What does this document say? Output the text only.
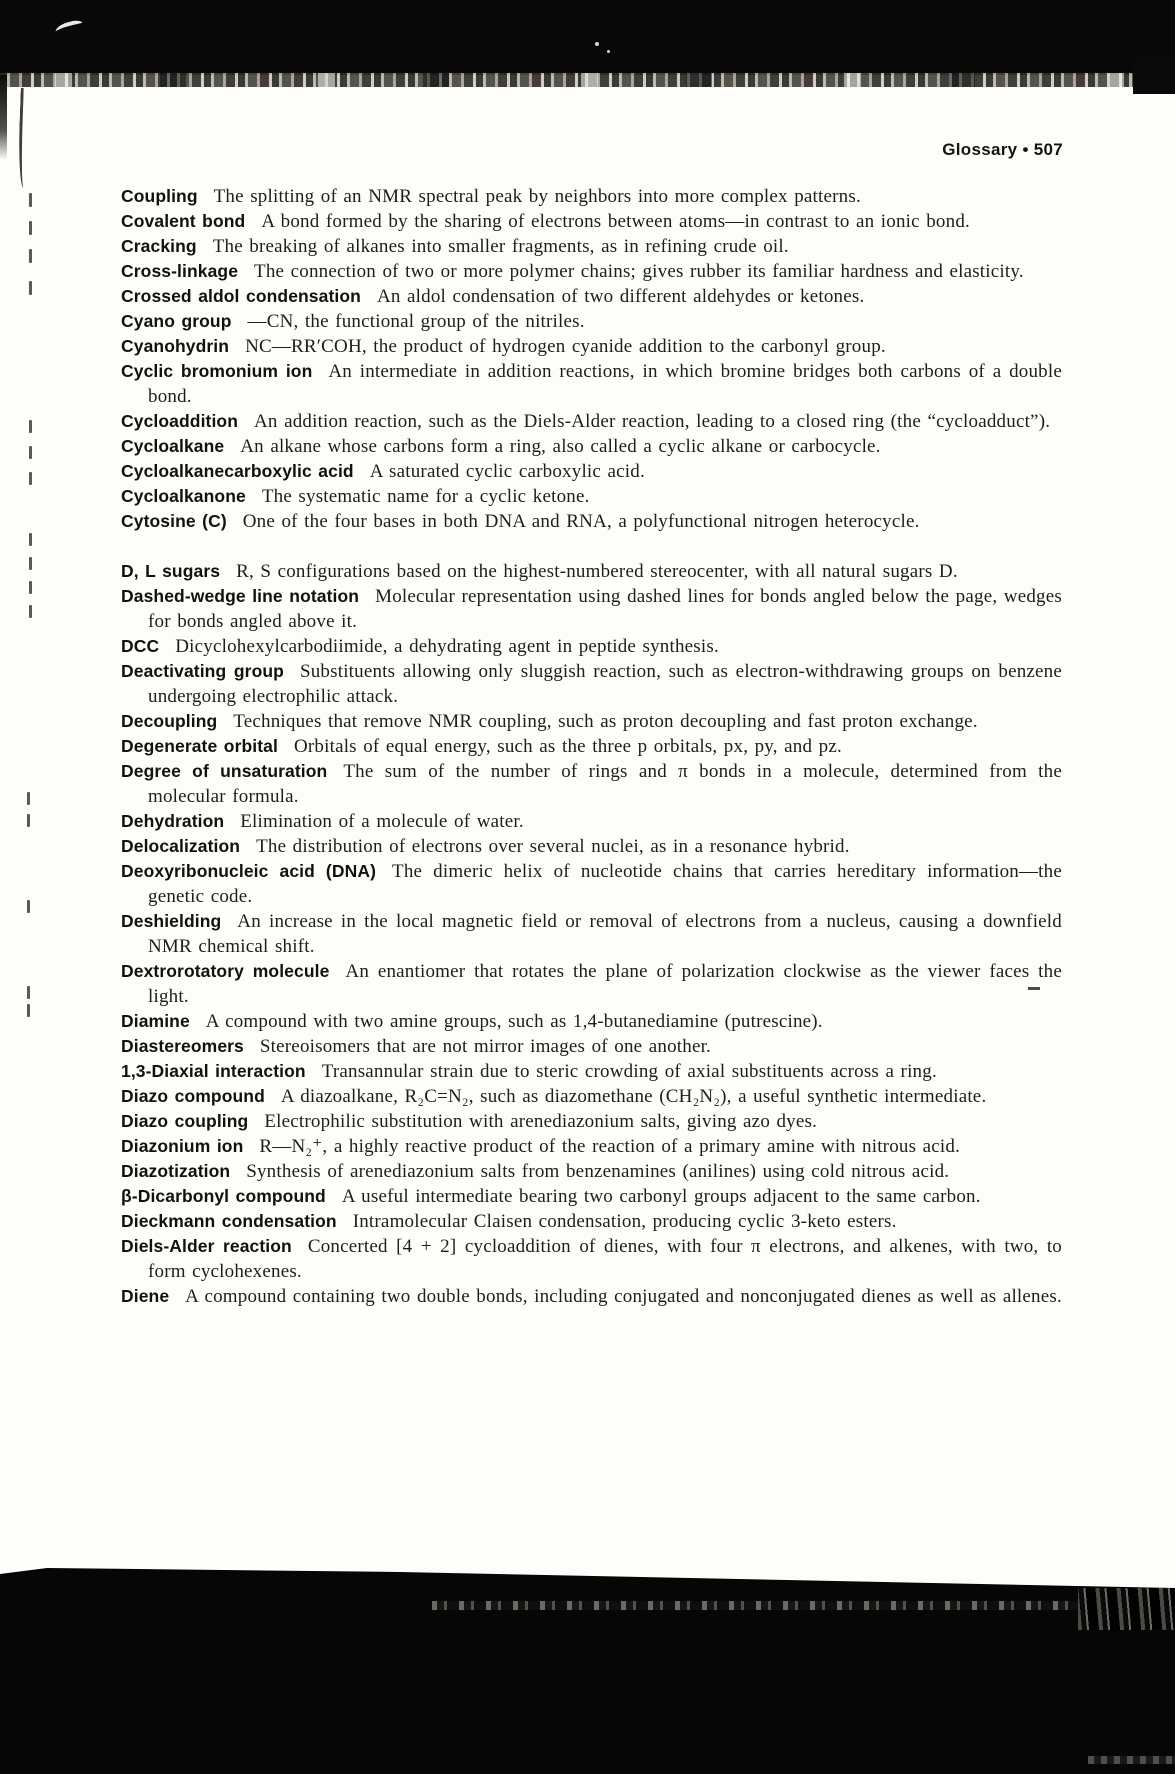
Glossary • 507
Coupling The splitting of an NMR spectral peak by neighbors into more complex patterns.
Covalent bond A bond formed by the sharing of electrons between atoms—in contrast to an ionic bond.
Cracking The breaking of alkanes into smaller fragments, as in refining crude oil.
Cross-linkage The connection of two or more polymer chains; gives rubber its familiar hardness and elasticity.
Crossed aldol condensation An aldol condensation of two different aldehydes or ketones.
Cyano group —CN, the functional group of the nitriles.
Cyanohydrin NC—RR′COH, the product of hydrogen cyanide addition to the carbonyl group.
Cyclic bromonium ion An intermediate in addition reactions, in which bromine bridges both carbons of a double bond.
Cycloaddition An addition reaction, such as the Diels-Alder reaction, leading to a closed ring (the “cycloadduct”).
Cycloalkane An alkane whose carbons form a ring, also called a cyclic alkane or carbocycle.
Cycloalkanecarboxylic acid A saturated cyclic carboxylic acid.
Cycloalkanone The systematic name for a cyclic ketone.
Cytosine (C) One of the four bases in both DNA and RNA, a polyfunctional nitrogen heterocycle.
D, L sugars R, S configurations based on the highest-numbered stereocenter, with all natural sugars D.
Dashed-wedge line notation Molecular representation using dashed lines for bonds angled below the page, wedges for bonds angled above it.
DCC Dicyclohexylcarbodiimide, a dehydrating agent in peptide synthesis.
Deactivating group Substituents allowing only sluggish reaction, such as electron-withdrawing groups on benzene undergoing electrophilic attack.
Decoupling Techniques that remove NMR coupling, such as proton decoupling and fast proton exchange.
Degenerate orbital Orbitals of equal energy, such as the three p orbitals, px, py, and pz.
Degree of unsaturation The sum of the number of rings and π bonds in a molecule, determined from the molecular formula.
Dehydration Elimination of a molecule of water.
Delocalization The distribution of electrons over several nuclei, as in a resonance hybrid.
Deoxyribonucleic acid (DNA) The dimeric helix of nucleotide chains that carries hereditary information—the genetic code.
Deshielding An increase in the local magnetic field or removal of electrons from a nucleus, causing a downfield NMR chemical shift.
Dextrorotatory molecule An enantiomer that rotates the plane of polarization clockwise as the viewer faces the light.
Diamine A compound with two amine groups, such as 1,4-butanediamine (putrescine).
Diastereomers Stereoisomers that are not mirror images of one another.
1,3-Diaxial interaction Transannular strain due to steric crowding of axial substituents across a ring.
Diazo compound A diazoalkane, R₂C=N₂, such as diazomethane (CH₂N₂), a useful synthetic intermediate.
Diazo coupling Electrophilic substitution with arenediazonium salts, giving azo dyes.
Diazonium ion R—N₂⁺, a highly reactive product of the reaction of a primary amine with nitrous acid.
Diazotization Synthesis of arenediazonium salts from benzenamines (anilines) using cold nitrous acid.
β-Dicarbonyl compound A useful intermediate bearing two carbonyl groups adjacent to the same carbon.
Dieckmann condensation Intramolecular Claisen condensation, producing cyclic 3-keto esters.
Diels-Alder reaction Concerted [4 + 2] cycloaddition of dienes, with four π electrons, and alkenes, with two, to form cyclohexenes.
Diene A compound containing two double bonds, including conjugated and nonconjugated dienes as well as allenes.
